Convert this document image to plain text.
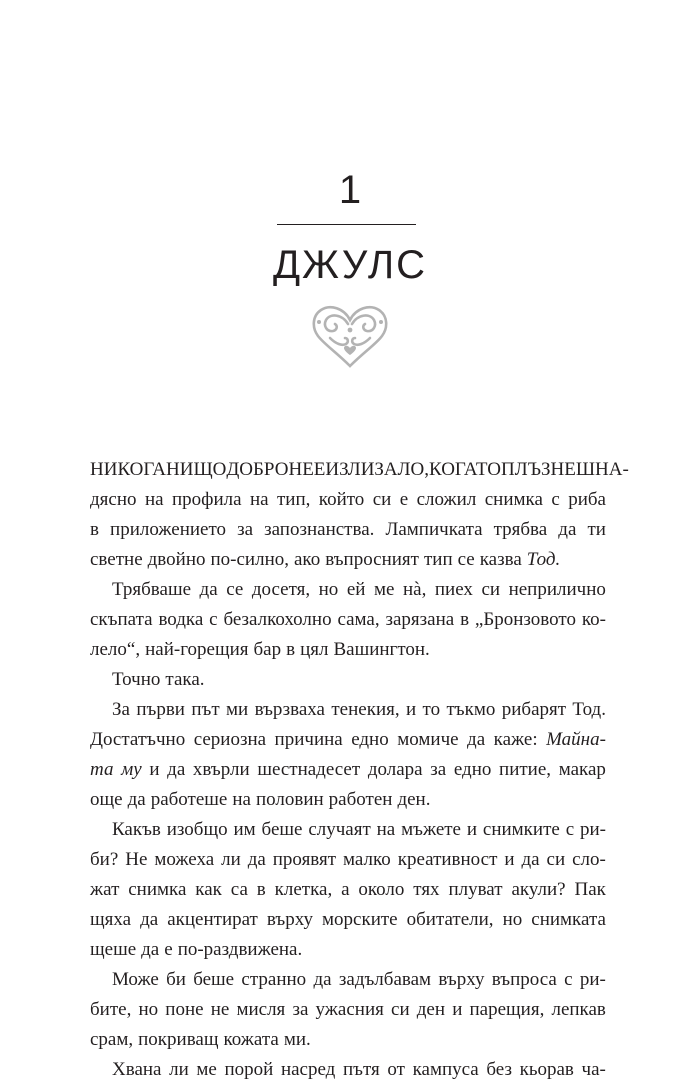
1
ДЖУЛС
НИКОГА НИЩО ДОБРО НЕ Е ИЗЛИЗАЛО, КОГАТО ПЛЪЗНЕШ НА-
дясно на профила на тип, който си е сложил снимка с риба
в приложението за запознанства. Лампичката трябва да ти
светне двойно по-силно, ако въпросният тип се казва Тод.
Трябваше да се досетя, но ей ме нà, пиех си неприлично
скъпата водка с безалкохолно сама, зарязана в „Бронзовото ко-
лело“, най-горещия бар в цял Вашингтон.
Точно така.
За първи път ми вързваха тенекия, и то тъкмо рибарят Тод.
Достатъчно сериозна причина едно момиче да каже: Майна-
та му и да хвърли шестнадесет долара за едно питие, макар
още да работеше на половин работен ден.
Какъв изобщо им беше случаят на мъжете и снимките с ри-
би? Не можеха ли да проявят малко креативност и да си сло-
жат снимка как са в клетка, а около тях плуват акули? Пак
щяха да акцентират върху морските обитатели, но снимката
щеше да е по-раздвижена.
Може би беше странно да задълбавам върху въпроса с ри-
бите, но поне не мисля за ужасния си ден и парещия, лепкав
срам, покриващ кожата ми.
Хвана ли ме порой насред пътя от кампуса без кьорав ча-
